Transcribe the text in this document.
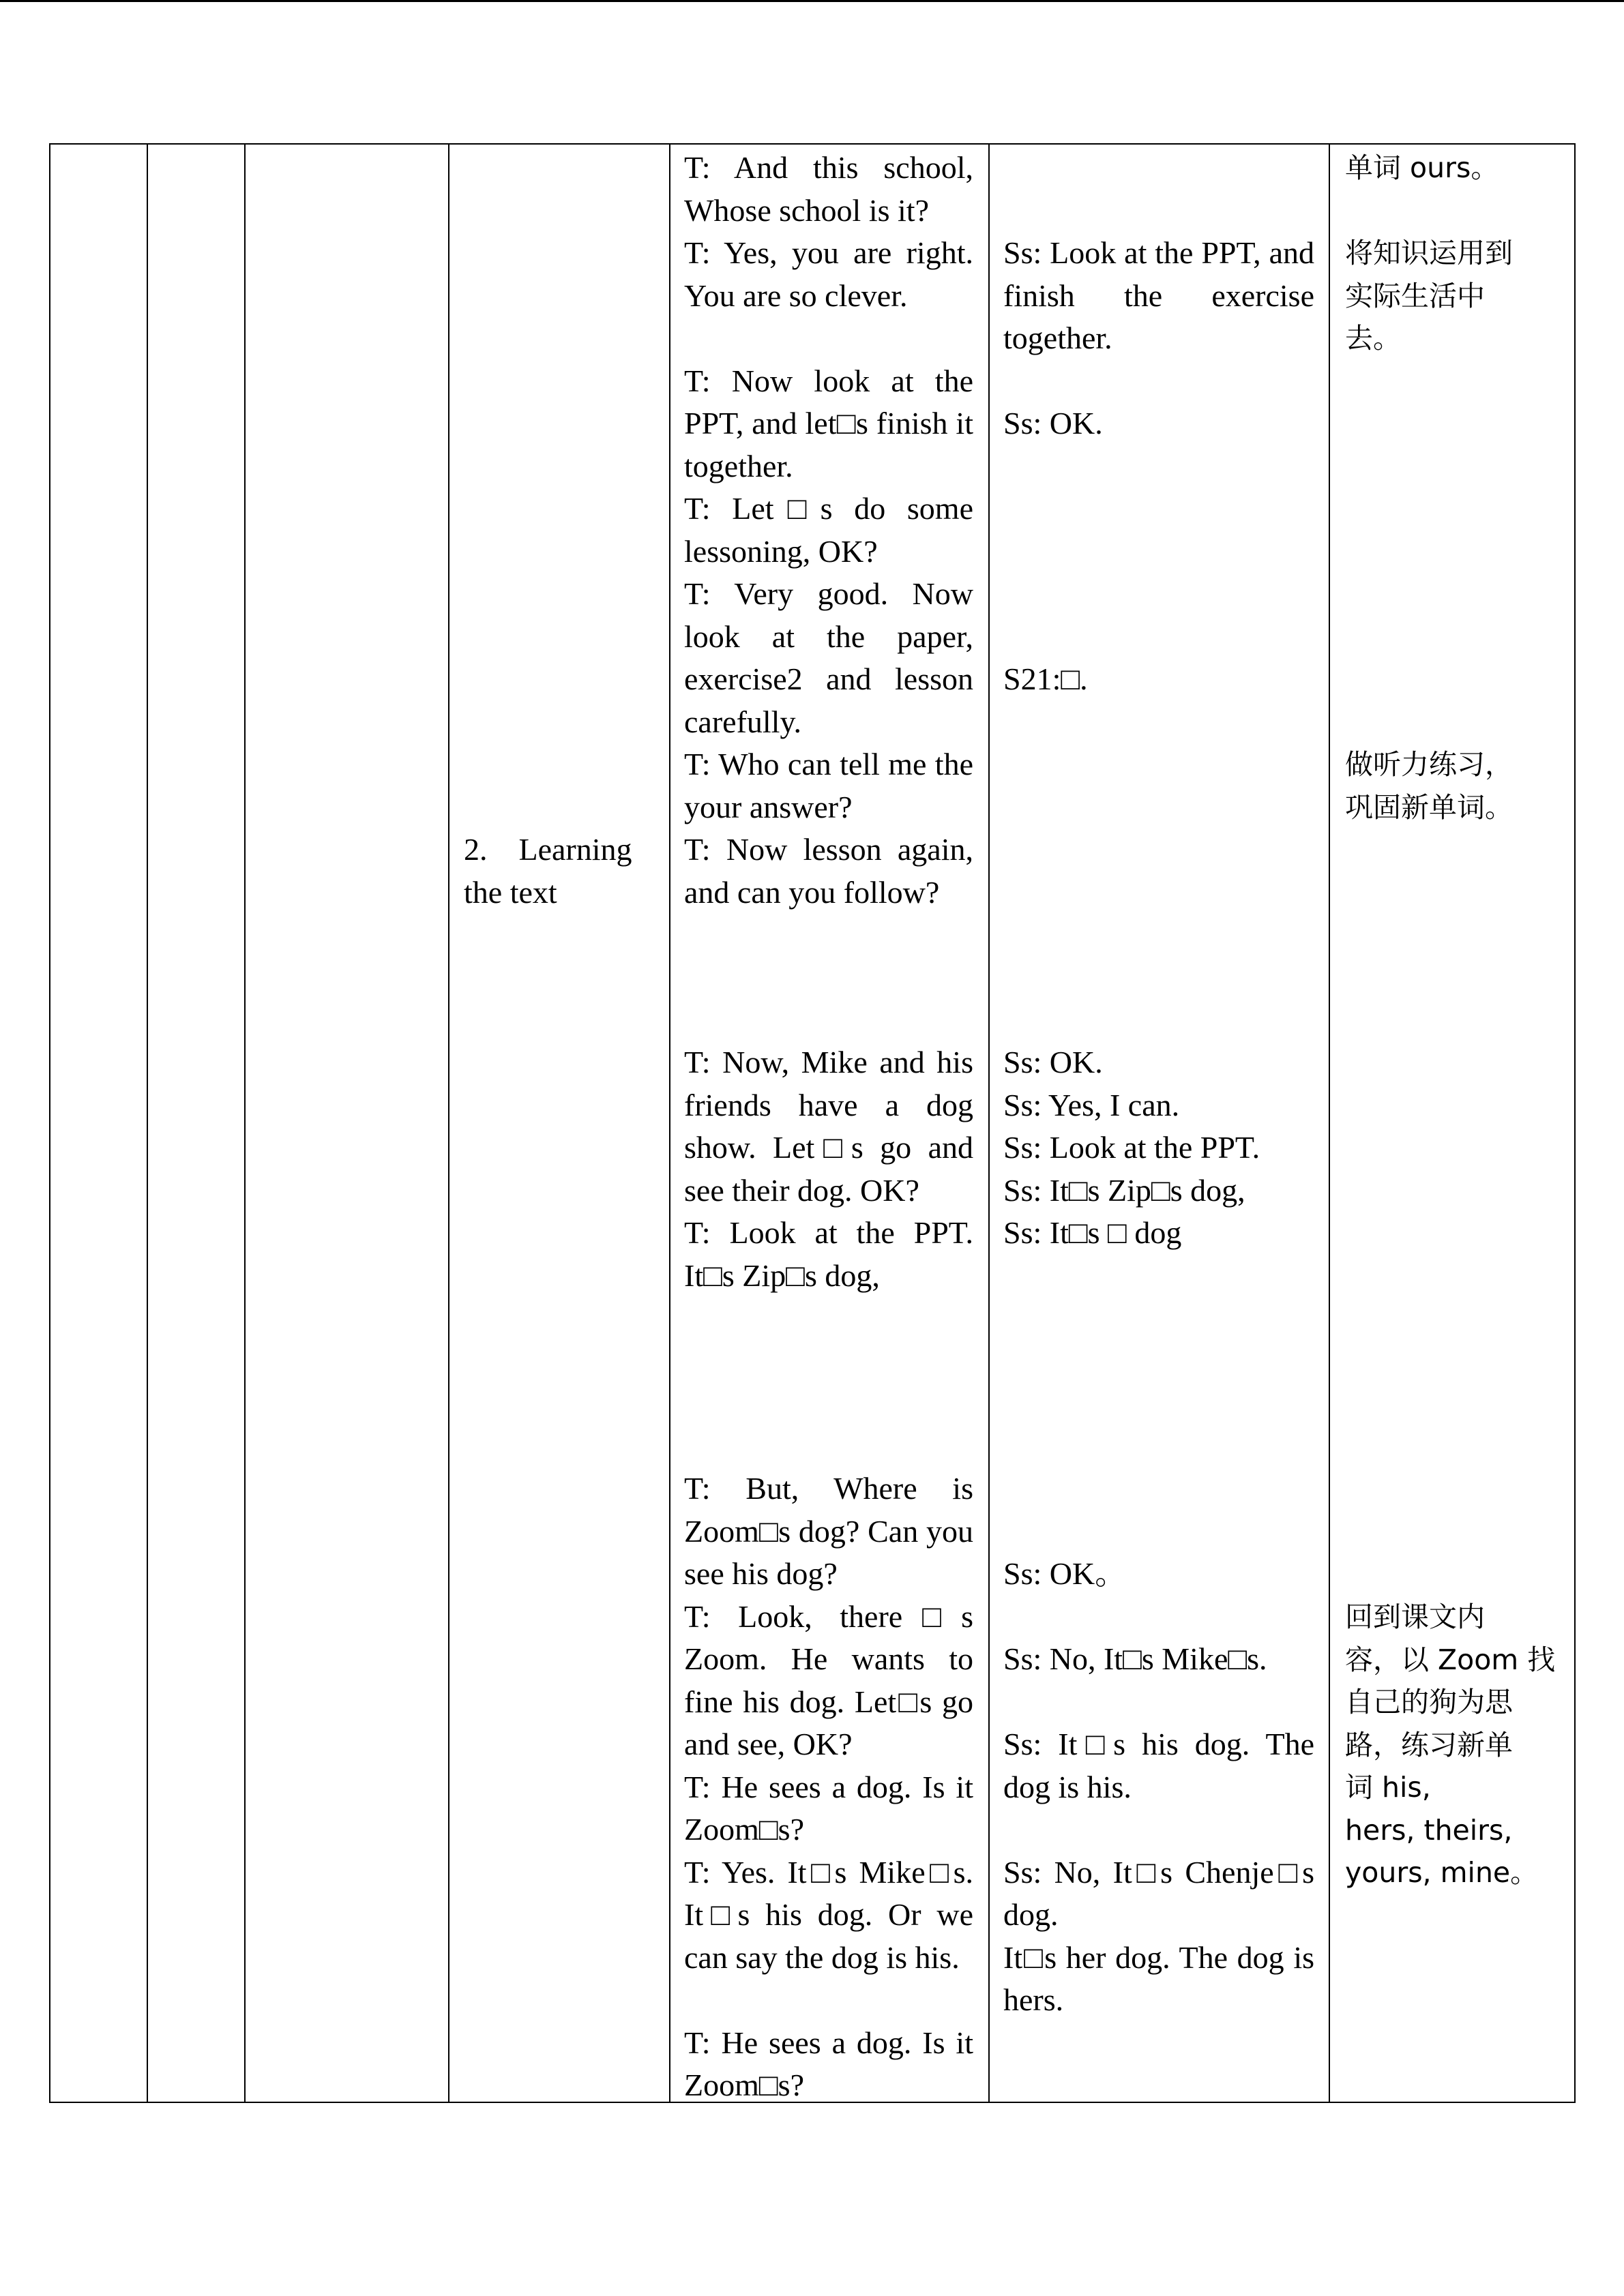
2.    Learning

the text

T: And this school, Whose school is it?

T: Yes, you are right. You are so clever.

T: Now look at the PPT, and let□s finish it together.

T: Let□s do some lessoning, OK?

T: Very good. Now look at the paper, exercise2 and lesson carefully.

T: Who can tell me the your answer?

T: Now lesson again, and can you follow?

T: Now, Mike and his friends have a dog show. Let□s go and see their dog. OK?

T: Look at the PPT. It□s Zip□s dog,

T: But, Where is Zoom□s dog? Can you see his dog?

T: Look, there□s Zoom. He wants to fine his dog. Let□s go and see, OK?

T: He sees a dog. Is it Zoom□s?

T: Yes. It□s Mike□s. It□s his dog. Or we can say the dog is his.

T: He sees a dog. Is it Zoom□s?

Ss: Look at the PPT, and finish the exercise together.

Ss: OK.

S21:□.

Ss: OK.

Ss: Yes, I can.

Ss: Look at the PPT.

Ss: It□s Zip□s dog,

Ss: It□s □ dog

Ss: OK。

Ss: No, It□s Mike□s.

Ss: It□s his dog. The dog is his.

Ss: No, It□s Chenje□s dog.

It□s her dog. The dog is hers.

单词 ours。

将知识运用到

实际生活中

去。

做听力练习，

巩固新单词。

回到课文内

容，以 Zoom 找

自己的狗为思

路，练习新单

词 his,

hers, theirs,

yours, mine。
